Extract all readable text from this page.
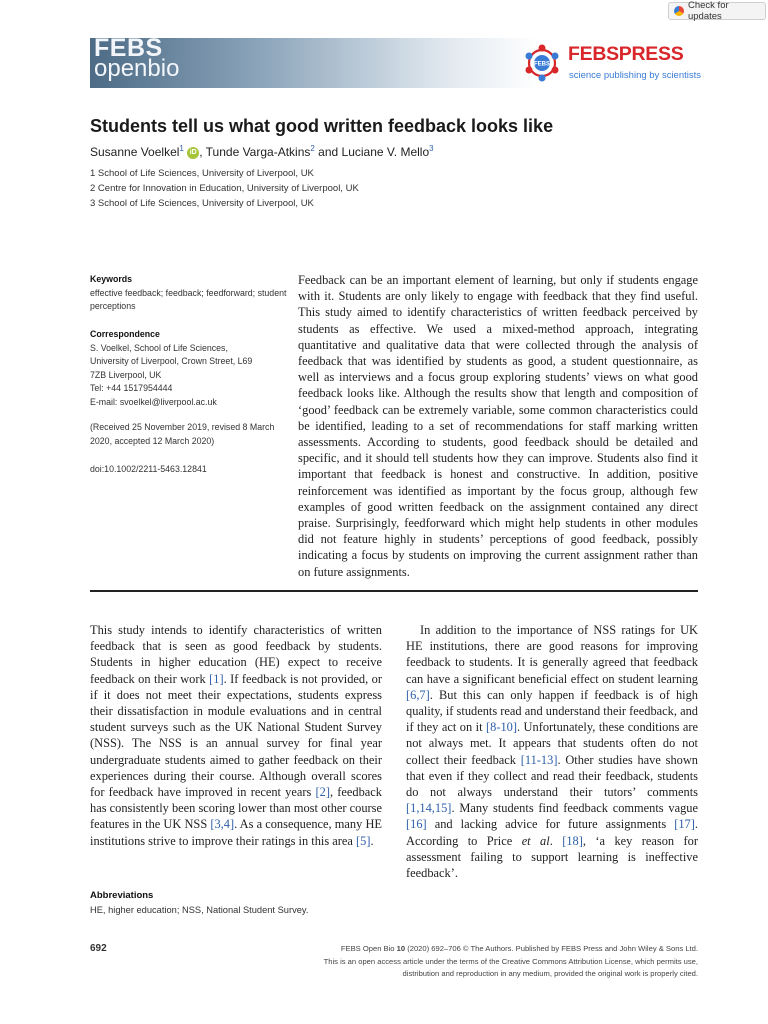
Check for updates
FEBS
openbio	FEBS FEBSPRESS
science publishing by scientists
Students tell us what good written feedback looks like
Susanne Voelkel$^1$ iD , Tunde Varga-Atkins$^2$ and Luciane V. Mello$^3$
1 School of Life Sciences, University of Liverpool, UK
2 Centre for Innovation in Education, University of Liverpool, UK
3 School of Life Sciences, University of Liverpool, UK
Keywords
effective feedback; feedback; feedforward; student perceptions
Correspondence
S. Voelkel, School of Life Sciences,
University of Liverpool, Crown Street, L69
7ZB Liverpool, UK
Tel: +44 1517954444
E-mail: svoelkel@liverpool.ac.uk
(Received 25 November 2019, revised 8 March 2020, accepted 12 March 2020)
doi:10.1002/2211-5463.12841
Feedback can be an important element of learning, but only if students engage with it. Students are only likely to engage with feedback that they find useful. This study aimed to identify characteristics of written feedback perceived by students as effective. We used a mixed-method approach, integrating quantitative and qualitative data that were collected through the analysis of feedback that was identified by students as good, a student questionnaire, as well as interviews and a focus group exploring students’ views on what good feedback looks like. Although the results show that length and composition of ‘good’ feedback can be extremely variable, some common characteristics could be identified, leading to a set of recommendations for staff marking written assessments. According to students, good feedback should be detailed and specific, and it should tell students how they can improve. Students also find it important that feedback is honest and constructive. In addition, positive reinforcement was identified as important by the focus group, although few examples of good written feedback on the assignment contained any direct praise. Surprisingly, feedforward which might help students in other modules did not feature highly in students’ perceptions of good feedback, possibly indicating a focus by students on improving the current assignment rather than on future assignments.
This study intends to identify characteristics of written feedback that is seen as good feedback by students. Students in higher education (HE) expect to receive feedback on their work [1]. If feedback is not provided, or if it does not meet their expectations, students express their dissatisfaction in module evaluations and in central student surveys such as the UK National Student Survey (NSS). The NSS is an annual survey for final year undergraduate students aimed to gather feedback on their experiences during their course. Although overall scores for feedback have improved in recent years [2], feedback has consistently been scoring lower than most other course features in the UK NSS [3,4]. As a consequence, many HE institutions strive to improve their ratings in this area [5].
In addition to the importance of NSS ratings for UK HE institutions, there are good reasons for improving feedback to students. It is generally agreed that feedback can have a significant beneficial effect on student learning [6,7]. But this can only happen if feedback is of high quality, if students read and understand their feedback, and if they act on it [8-10]. Unfortunately, these conditions are not always met. It appears that students often do not collect their feedback [11-13]. Other studies have shown that even if they collect and read their feedback, students do not always understand their tutors’ comments [1,14,15]. Many students find feedback comments vague [16] and lacking advice for future assignments [17]. According to Price et al. [18], ‘a key reason for assessment failing to support learning is ineffective feedback’.
Abbreviations
HE, higher education; NSS, National Student Survey.
692	FEBS Open Bio 10 (2020) 692–706 © The Authors. Published by FEBS Press and John Wiley & Sons Ltd.
This is an open access article under the terms of the Creative Commons Attribution License, which permits use,
distribution and reproduction in any medium, provided the original work is properly cited.
